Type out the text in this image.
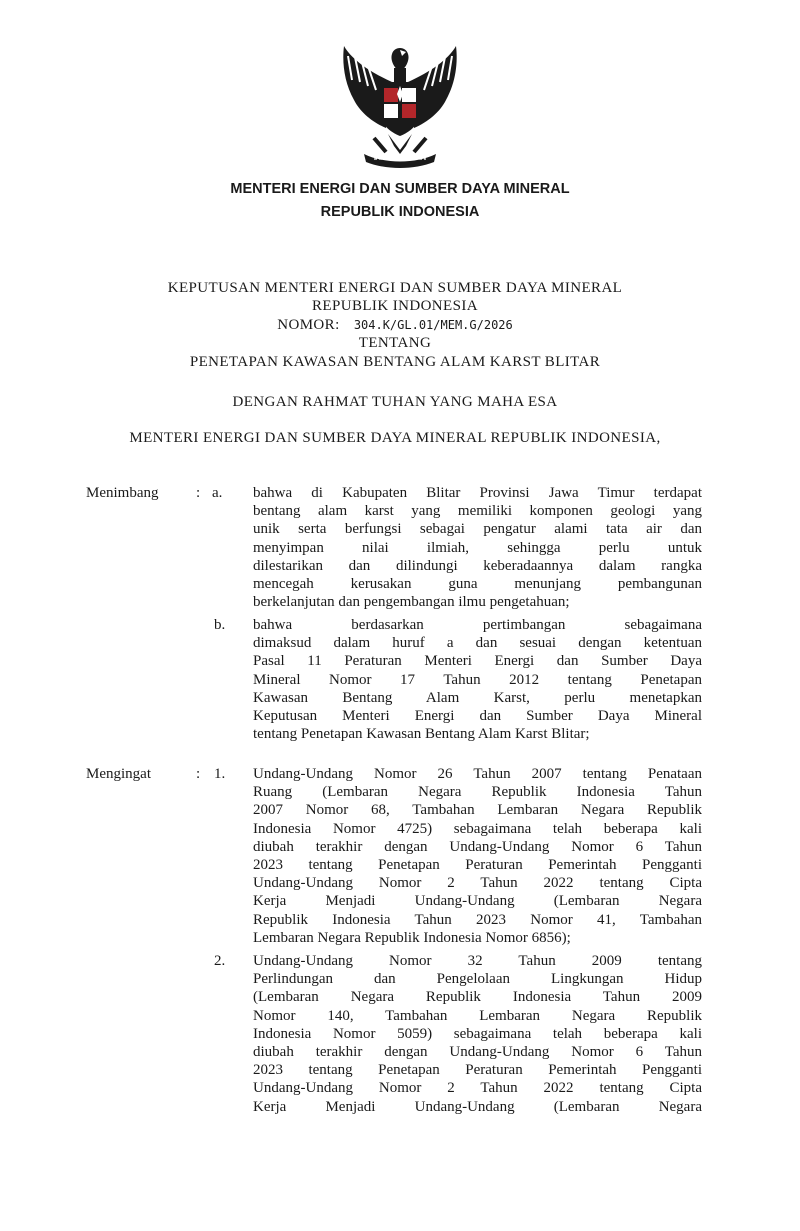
MENTERI ENERGI DAN SUMBER DAYA MINERAL
REPUBLIK INDONESIA
KEPUTUSAN MENTERI ENERGI DAN SUMBER DAYA MINERAL
REPUBLIK INDONESIA
NOMOR: 304.K/GL.01/MEM.G/2026
TENTANG
PENETAPAN KAWASAN BENTANG ALAM KARST BLITAR
DENGAN RAHMAT TUHAN YANG MAHA ESA
MENTERI ENERGI DAN SUMBER DAYA MINERAL REPUBLIK INDONESIA,
Menimbang	: a. bahwa di Kabupaten Blitar Provinsi Jawa Timur terdapat
bentang alam karst yang memiliki komponen geologi yang
unik serta berfungsi sebagai pengatur alami tata air dan
menyimpan nilai ilmiah, sehingga perlu untuk
dilestarikan dan dilindungi keberadaannya dalam rangka
mencegah kerusakan guna menunjang pembangunan
berkelanjutan dan pengembangan ilmu pengetahuan;
b. bahwa berdasarkan pertimbangan sebagaimana
dimaksud dalam huruf a dan sesuai dengan ketentuan
Pasal 11 Peraturan Menteri Energi dan Sumber Daya
Mineral Nomor 17 Tahun 2012 tentang Penetapan
Kawasan Bentang Alam Karst, perlu menetapkan
Keputusan Menteri Energi dan Sumber Daya Mineral
tentang Penetapan Kawasan Bentang Alam Karst Blitar;
Mengingat	: 1. Undang-Undang Nomor 26 Tahun 2007 tentang Penataan
Ruang (Lembaran Negara Republik Indonesia Tahun
2007 Nomor 68, Tambahan Lembaran Negara Republik
Indonesia Nomor 4725) sebagaimana telah beberapa kali
diubah terakhir dengan Undang-Undang Nomor 6 Tahun
2023 tentang Penetapan Peraturan Pemerintah Pengganti
Undang-Undang Nomor 2 Tahun 2022 tentang Cipta
Kerja Menjadi Undang-Undang (Lembaran Negara
Republik Indonesia Tahun 2023 Nomor 41, Tambahan
Lembaran Negara Republik Indonesia Nomor 6856);
2. Undang-Undang Nomor 32 Tahun 2009 tentang
Perlindungan dan Pengelolaan Lingkungan Hidup
(Lembaran Negara Republik Indonesia Tahun 2009
Nomor 140, Tambahan Lembaran Negara Republik
Indonesia Nomor 5059) sebagaimana telah beberapa kali
diubah terakhir dengan Undang-Undang Nomor 6 Tahun
2023 tentang Penetapan Peraturan Pemerintah Pengganti
Undang-Undang Nomor 2 Tahun 2022 tentang Cipta
Kerja Menjadi Undang-Undang (Lembaran Negara
